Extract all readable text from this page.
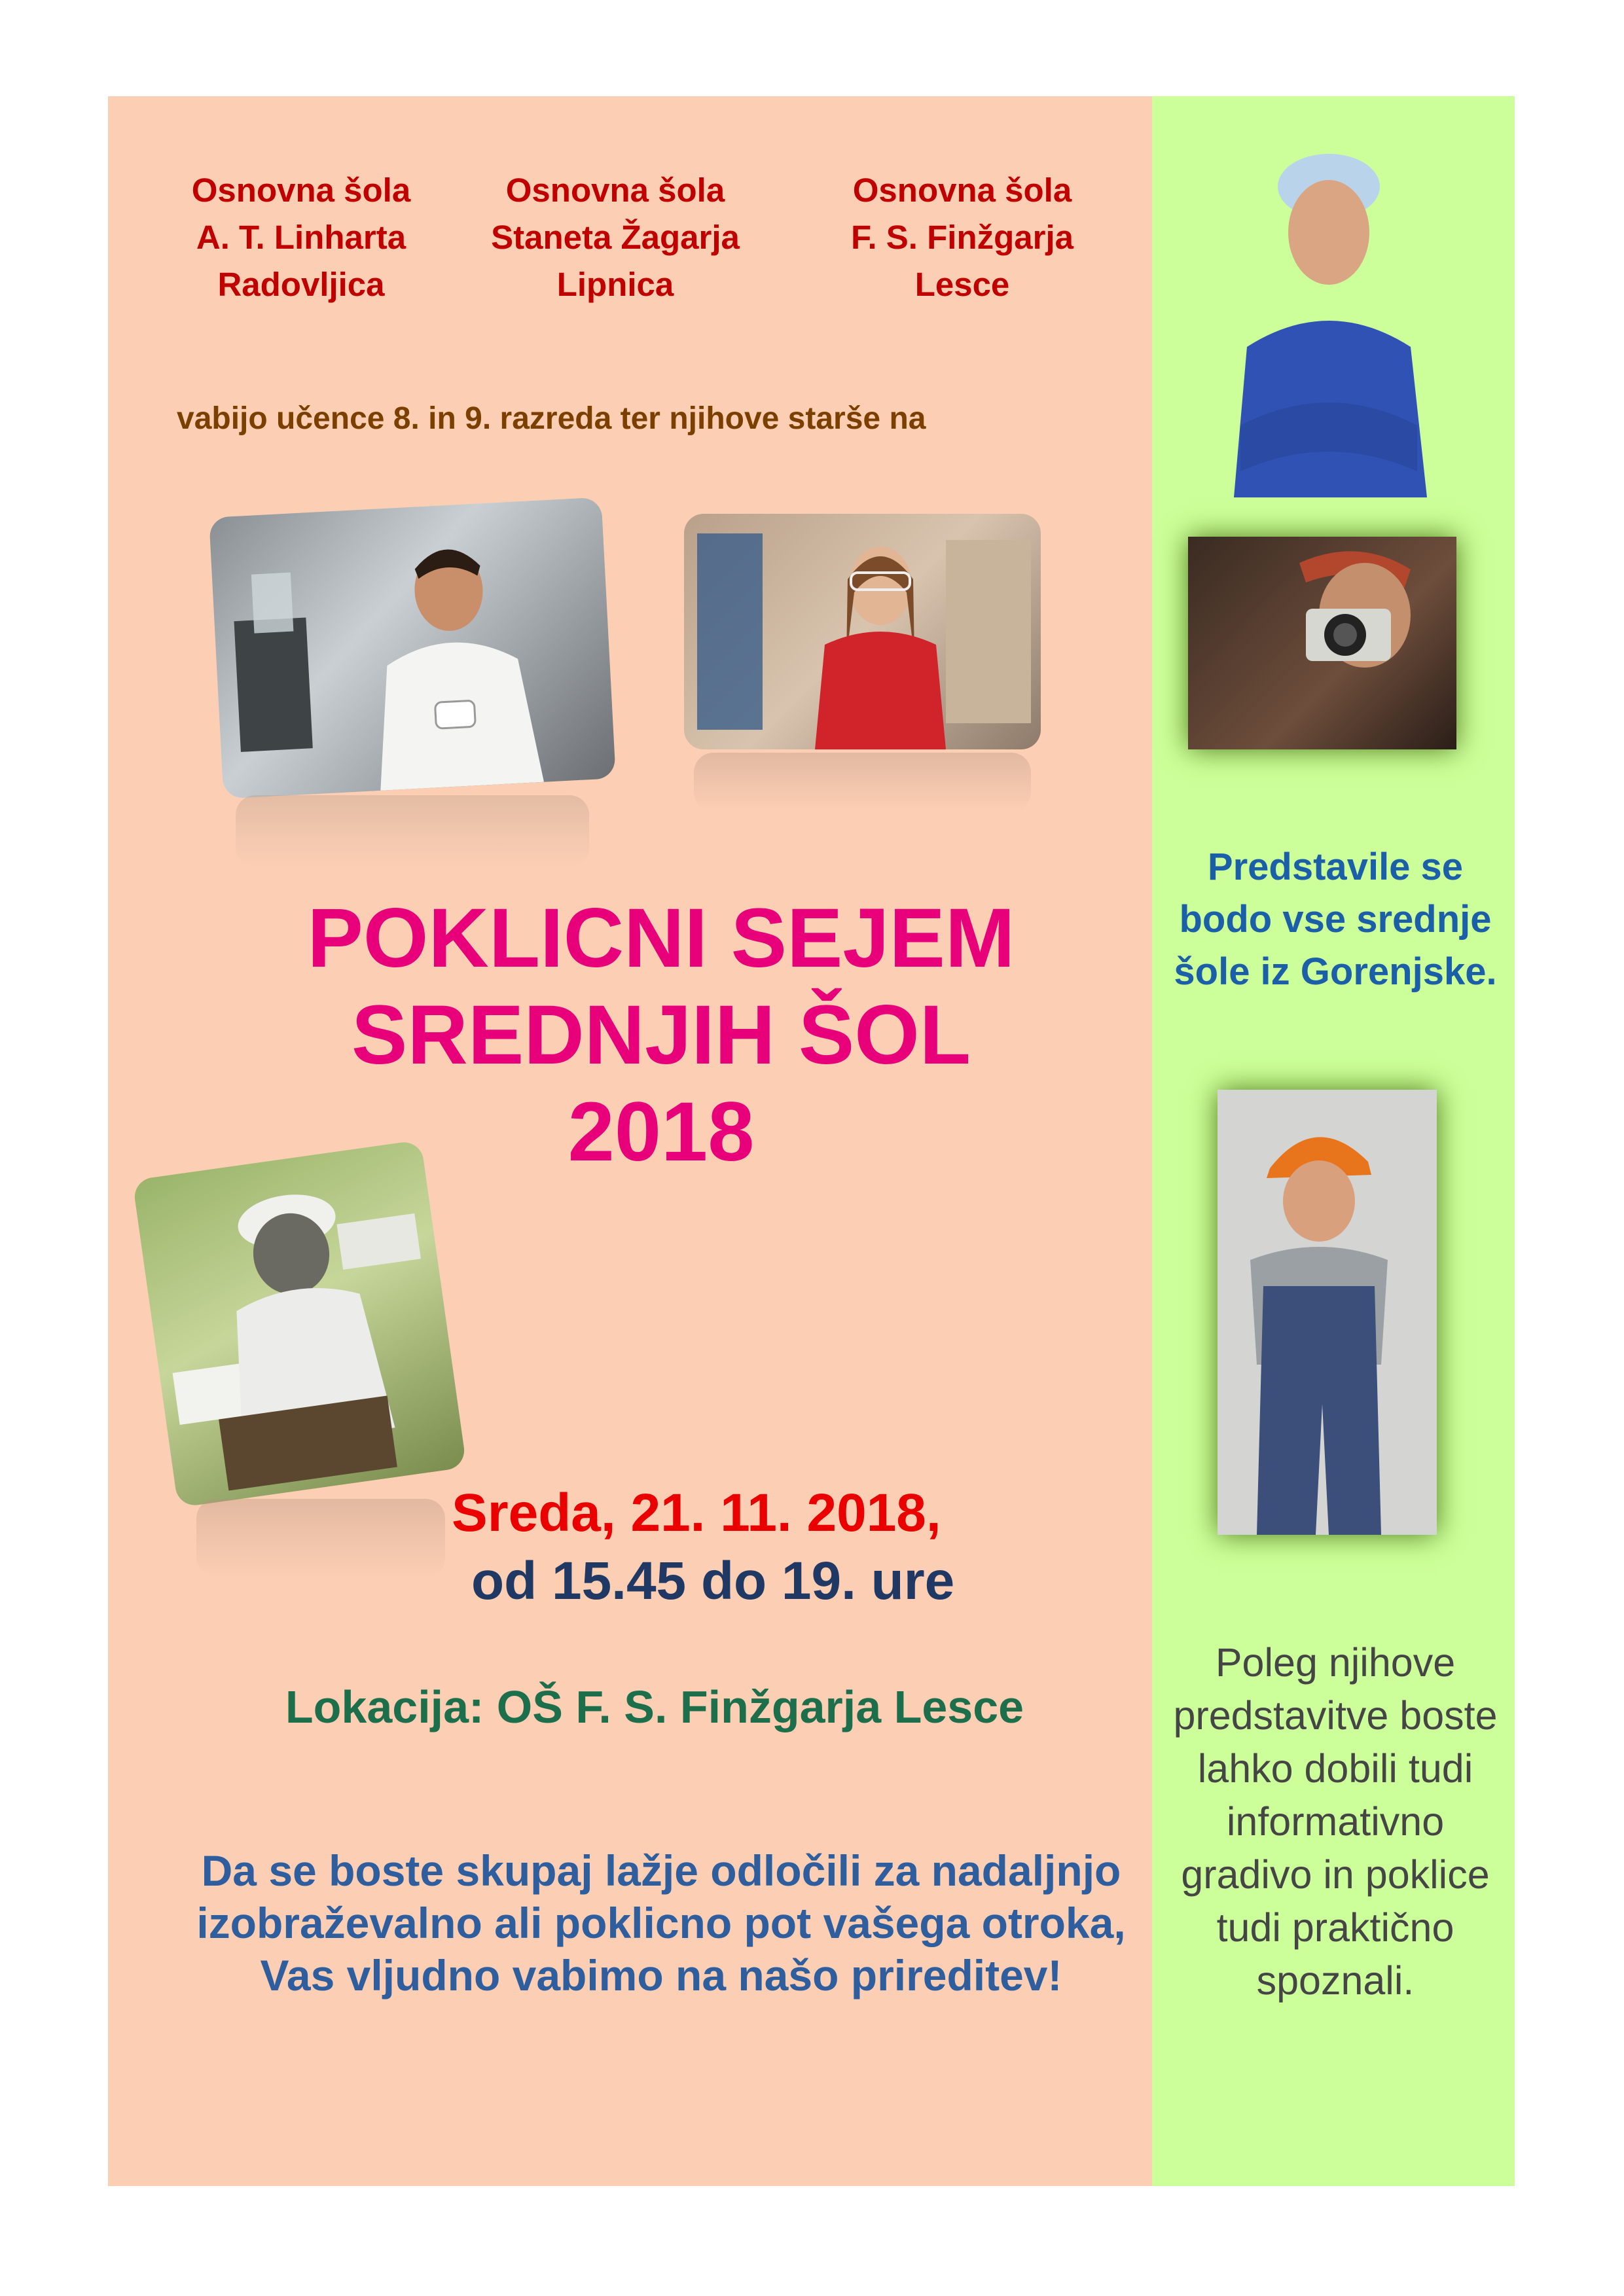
Osnovna šola
A. T. Linharta
Radovljica
Osnovna šola
Staneta Žagarja
Lipnica
Osnovna šola
F. S. Finžgarja
Lesce
vabijo učence 8. in 9. razreda ter njihove starše na
POKLICNI SEJEM
SREDNJIH ŠOL
2018
Sreda, 21. 11. 2018,
od 15.45 do 19. ure
Lokacija: OŠ F. S. Finžgarja Lesce
Da se boste skupaj lažje odločili za nadaljnjo izobraževalno ali poklicno pot vašega otroka, Vas vljudno vabimo na našo prireditev!
Predstavile se bodo vse srednje šole iz Gorenjske.
Poleg njihove predstavitve boste lahko dobili tudi informativno gradivo in poklice tudi praktično spoznali.
